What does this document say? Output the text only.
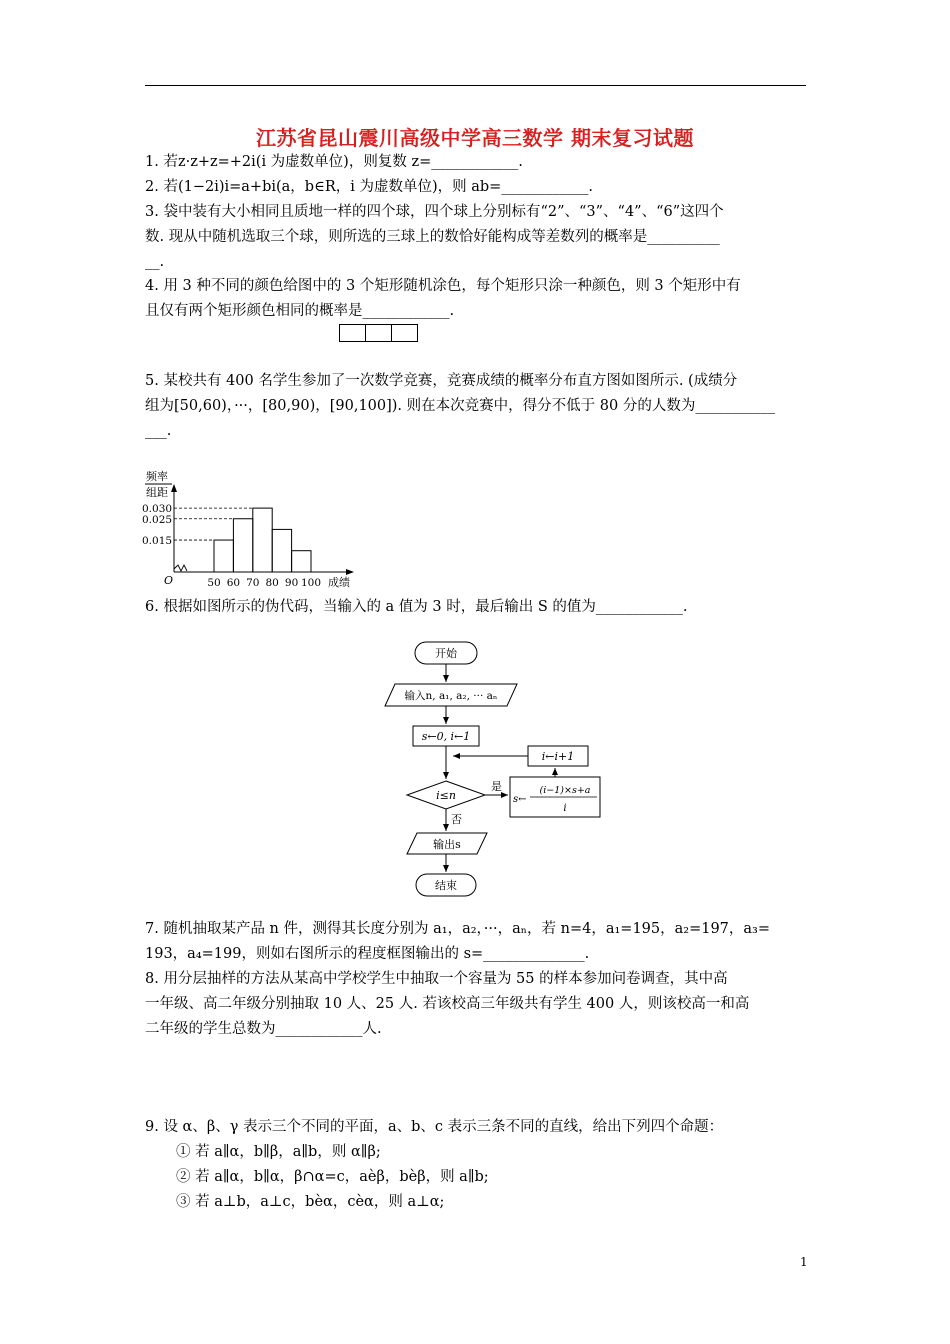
江苏省昆山震川高级中学高三数学 期末复习试题
1. 若z·z+z=+2i(i 为虚数单位)，则复数 z=____________.
2. 若(1−2i)i=a+bi(a，b∈R，i 为虚数单位)，则 ab=____________.
3. 袋中装有大小相同且质地一样的四个球，四个球上分别标有“2”、“3”、“4”、“6”这四个
数. 现从中随机选取三个球，则所选的三球上的数恰好能构成等差数列的概率是__________
__.
4. 用 3 种不同的颜色给图中的 3 个矩形随机涂色，每个矩形只涂一种颜色，则 3 个矩形中有
且仅有两个矩形颜色相同的概率是____________.
5. 某校共有 400 名学生参加了一次数学竞赛，竞赛成绩的概率分布直方图如图所示. (成绩分
组为[50,60)，···，[80,90)，[90,100]). 则在本次竞赛中，得分不低于 80 分的人数为___________
___.
频率
组距
0.015
0.025
0.030
50 60 70 80 90 100
O	成绩
6. 根据如图所示的伪代码，当输入的 a 值为 3 时，最后输出 S 的值为____________.
开始
输入n, a₁, a₂, ··· aₙ
s←0, i←1
i≤n
是
s←
(i−1)×s+a
i
i←i+1
否
输出s
结束
7. 随机抽取某产品 n 件，测得其长度分别为 a₁，a₂，···，aₙ，若 n=4，a₁=195，a₂=197，a₃=
193，a₄=199，则如右图所示的程度框图输出的 s=______________.
8. 用分层抽样的方法从某高中学校学生中抽取一个容量为 55 的样本参加问卷调查，其中高
一年级、高二年级分别抽取 10 人、25 人. 若该校高三年级共有学生 400 人，则该校高一和高
二年级的学生总数为____________人.
9. 设 α、β、γ 表示三个不同的平面，a、b、c 表示三条不同的直线，给出下列四个命题：
① 若 a∥α，b∥β，a∥b，则 α∥β;
② 若 a∥α，b∥α，β∩α=c，aèβ，bèβ，则 a∥b;
③ 若 a⊥b，a⊥c，bèα，cèα，则 a⊥α;
1
